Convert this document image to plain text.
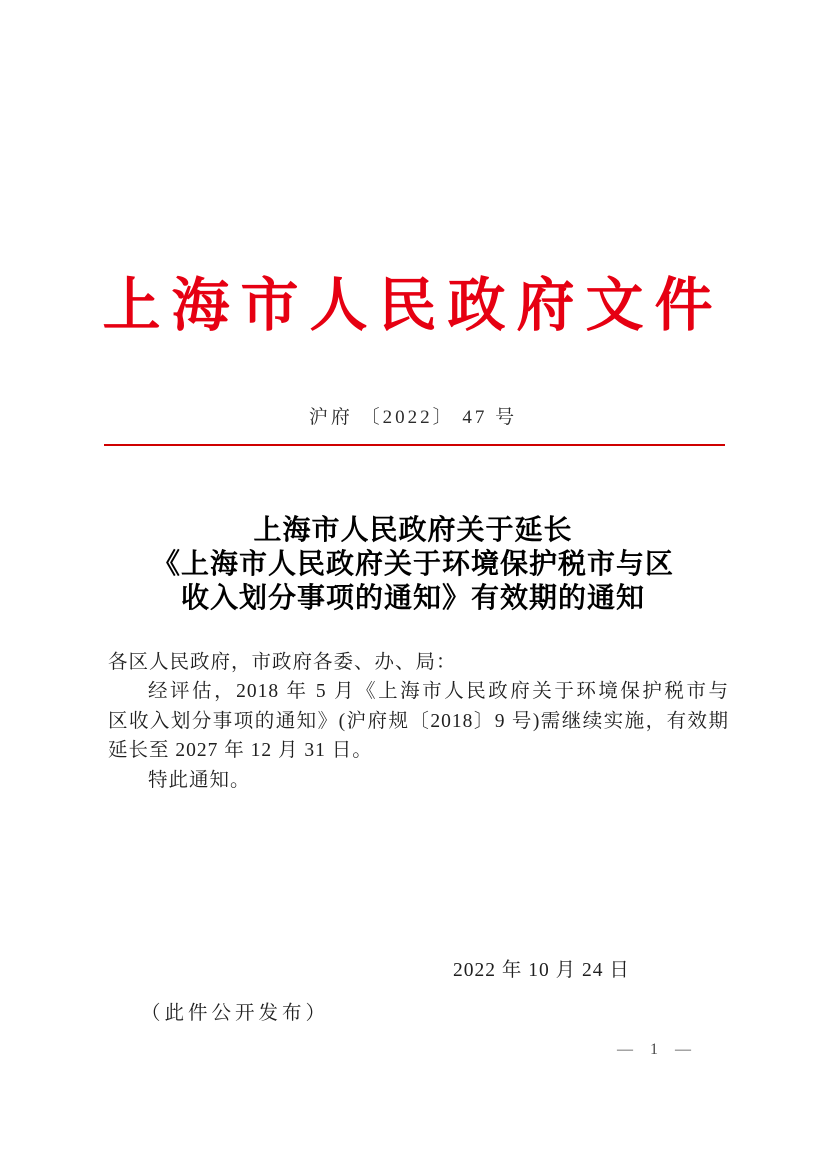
上海市人民政府文件
沪府 〔2022〕 47 号
上海市人民政府关于延长
《上海市人民政府关于环境保护税市与区
收入划分事项的通知》有效期的通知
各区人民政府，市政府各委、办、局：
经评估，2018 年 5 月《上海市人民政府关于环境保护税市与
区收入划分事项的通知》(沪府规〔2018〕9 号)需继续实施，有效期
延长至 2027 年 12 月 31 日。
特此通知。
2022 年 10 月 24 日
（此件公开发布）
— 1 —
